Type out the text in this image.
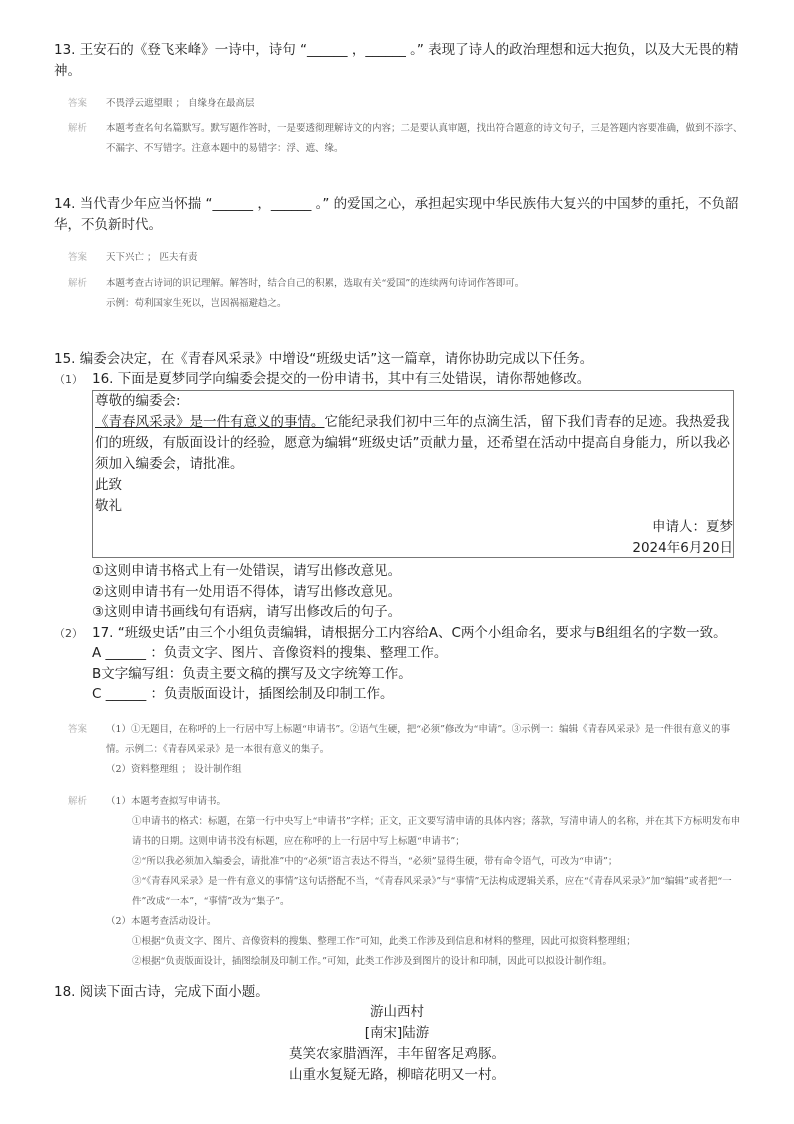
13. 王安石的《登飞来峰》一诗中，诗句 “______ ，______ 。” 表现了诗人的政治理想和远大抱负，以及大无畏的精神。

答案	不畏浮云遮望眼 ； 自缘身在最高层
解析	本题考查名句名篇默写。默写题作答时，一是要透彻理解诗文的内容；二是要认真审题，找出符合题意的诗文句子，三是答题内容要准确，做到不添字、不漏字、不写错字。注意本题中的易错字：浮、遮、缘。

14. 当代青少年应当怀揣 “______ ，______ 。” 的爱国之心，承担起实现中华民族伟大复兴的中国梦的重托，不负韶华，不负新时代。

答案	天下兴亡 ； 匹夫有责
解析	本题考查古诗词的识记理解。解答时，结合自己的积累，选取有关“爱国”的连续两句诗词作答即可。

示例：苟利国家生死以，岂因祸福避趋之。

15. 编委会决定，在《青春风采录》中增设“班级史话”这一篇章，请你协助完成以下任务。

（1） 16. 下面是夏梦同学向编委会提交的一份申请书，其中有三处错误，请你帮她修改。
尊敬的编委会:
《青春风采录》是一件有意义的事情。它能纪录我们初中三年的点滴生活，留下我们青春的足迹。我热爱我们的班级，有版面设计的经验，愿意为编辑“班级史话”贡献力量，还希望在活动中提高自身能力，所以我必须加入编委会，请批准。
此致
敬礼
申请人：夏梦
2024年6月20日
①这则申请书格式上有一处错误，请写出修改意见。
②这则申请书有一处用语不得体，请写出修改意见。
③这则申请书画线句有语病，请写出修改后的句子。
（2） 17. “班级史话”由三个小组负责编辑，请根据分工内容给A、C两个小组命名，要求与B组组名的字数一致。
A ______ ：负责文字、图片、音像资料的搜集、整理工作。
B文字编写组：负责主要文稿的撰写及文字统筹工作。
C ______ ：负责版面设计，插图绘制及印制工作。
答案	（1）①无题目，在称呼的上一行居中写上标题“申请书”。②语气生硬，把“必须”修改为“申请”。③示例一：编辑《青春风采录》是一件很有意义的事情。示例二：《青春风采录》是一本很有意义的集子。

（2）资料整理组 ； 设计制作组

解析	（1）本题考查拟写申请书。

①申请书的格式：标题，在第一行中央写上“申请书”字样；正文，正文要写清申请的具体内容；落款，写清申请人的名称，并在其下方标明发布申请书的日期。这则申请书没有标题，应在称呼的上一行居中写上标题“申请书”；

②“所以我必须加入编委会，请批准”中的“必须”语言表达不得当，“必须”显得生硬，带有命令语气，可改为“申请”；

③“《青春风采录》是一件有意义的事情”这句话搭配不当，“《青春风采录》”与“事情”无法构成逻辑关系，应在“《青春风采录》”加“编辑”或者把“一件”改成“一本”，“事情”改为“集子”。

（2）本题考查活动设计。

①根据“负责文字、图片、音像资料的搜集、整理工作”可知，此类工作涉及到信息和材料的整理，因此可拟资料整理组；

②根据“负责版面设计，插图绘制及印制工作。”可知，此类工作涉及到图片的设计和印制，因此可以拟设计制作组。

18. 阅读下面古诗，完成下面小题。

游山西村
[南宋]陆游
莫笑农家腊酒浑，丰年留客足鸡豚。
山重水复疑无路，柳暗花明又一村。
